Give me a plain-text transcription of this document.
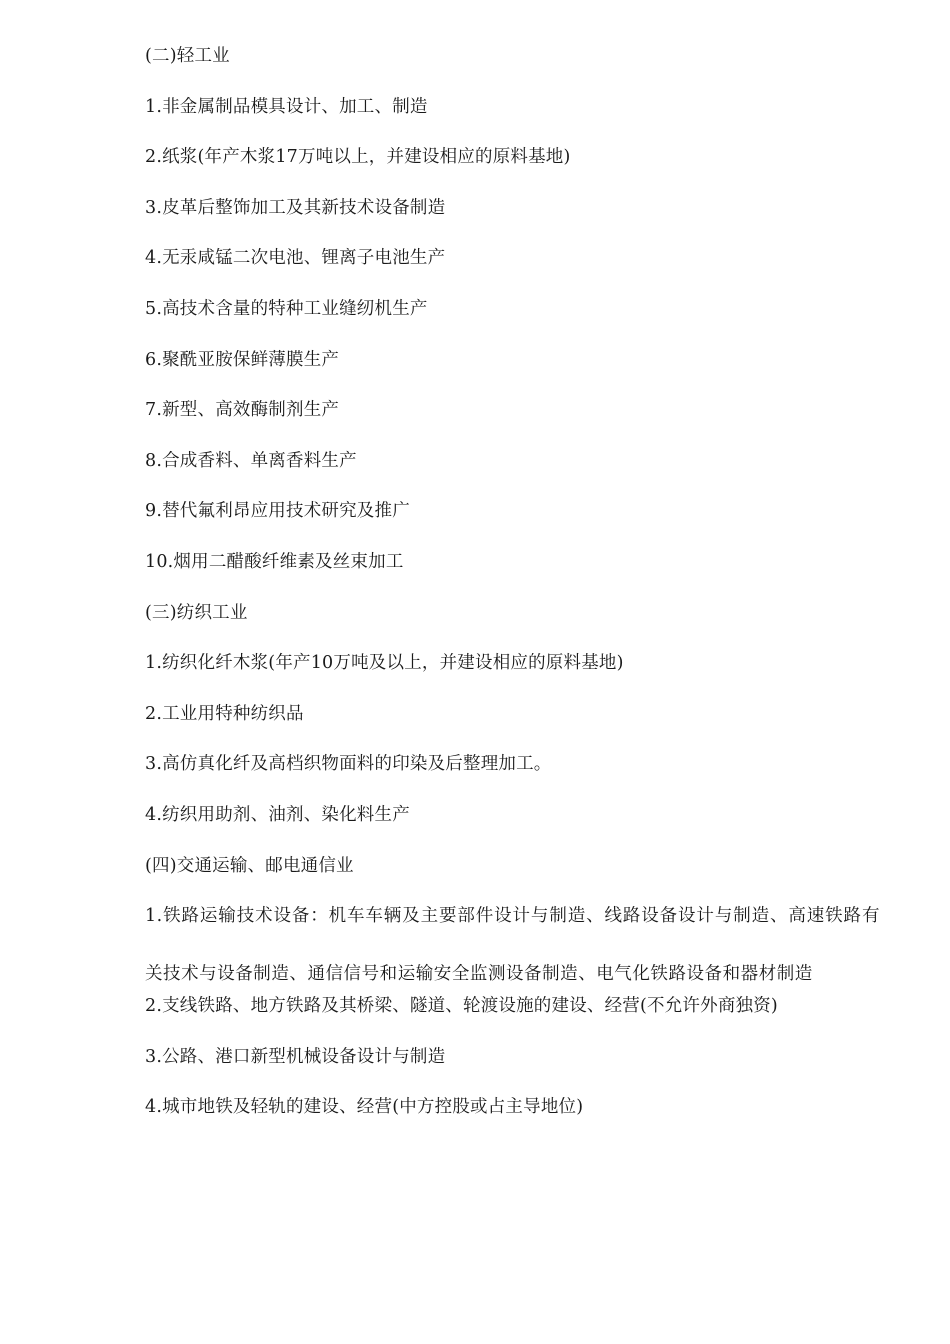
(二)轻工业
1.非金属制品模具设计、加工、制造
2.纸浆(年产木浆17万吨以上，并建设相应的原料基地)
3.皮革后整饰加工及其新技术设备制造
4.无汞咸锰二次电池、锂离子电池生产
5.高技术含量的特种工业缝纫机生产
6.聚酰亚胺保鲜薄膜生产
7.新型、高效酶制剂生产
8.合成香料、单离香料生产
9.替代氟利昂应用技术研究及推广
10.烟用二醋酸纤维素及丝束加工
(三)纺织工业
1.纺织化纤木浆(年产10万吨及以上，并建设相应的原料基地)
2.工业用特种纺织品
3.高仿真化纤及高档织物面料的印染及后整理加工。
4.纺织用助剂、油剂、染化料生产
(四)交通运输、邮电通信业
1.铁路运输技术设备：机车车辆及主要部件设计与制造、线路设备设计与制造、高速铁路有关技术与设备制造、通信信号和运输安全监测设备制造、电气化铁路设备和器材制造
2.支线铁路、地方铁路及其桥梁、隧道、轮渡设施的建设、经营(不允许外商独资)
3.公路、港口新型机械设备设计与制造
4.城市地铁及轻轨的建设、经营(中方控股或占主导地位)
